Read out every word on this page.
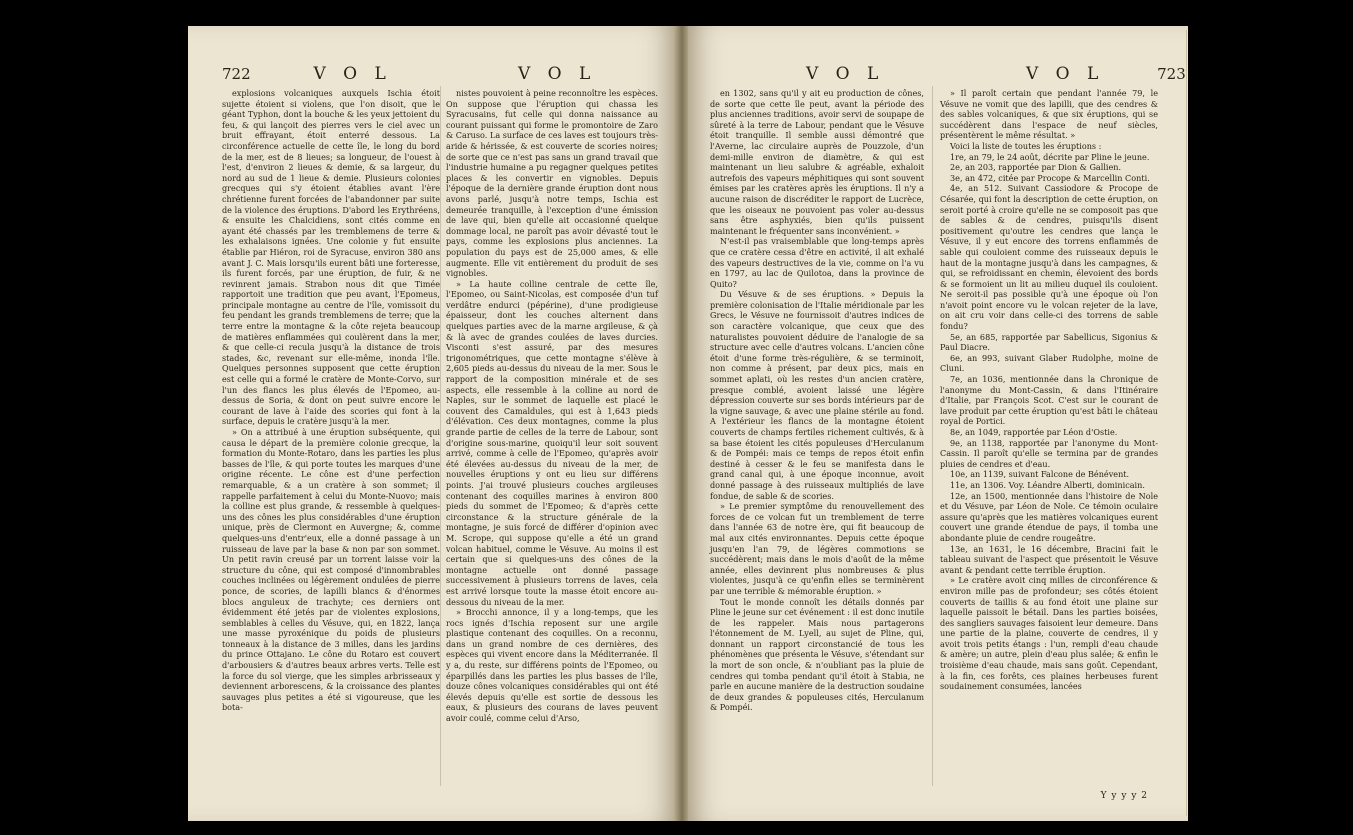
722	V O L	V O L

explosions volcaniques auxquels Ischia étoit sujette étoient si violens, que l'on disoit, que le géant Typhon, dont la bouche & les yeux jettoient du feu, & qui lançoit des pierres vers le ciel avec un bruit effrayant, étoit enterré dessous. La circonférence actuelle de cette île, le long du bord de la mer, est de 8 lieues; sa longueur, de l'ouest à l'est, d'environ 2 lieues & demie, & sa largeur, du nord au sud de 1 lieue & demie. Plusieurs colonies grecques qui s'y étoient établies avant l'ère chrétienne furent forcées de l'abandonner par suite de la violence des éruptions. D'abord les Erythréens, & ensuite les Chalcidiens, sont cités comme en ayant été chassés par les tremblemens de terre & les exhalaisons ignées. Une colonie y fut ensuite établie par Hiéron, roi de Syracuse, environ 380 ans avant J. C. Mais lorsqu'ils eurent bâti une forteresse, ils furent forcés, par une éruption, de fuir, & ne revinrent jamais. Strabon nous dit que Timée rapportoit une tradition que peu avant, l'Epomeus, principale montagne au centre de l'île, vomissoit du feu pendant les grands tremblemens de terre; que la terre entre la montagne & la côte rejeta beaucoup de matières enflammées qui coulèrent dans la mer, & que celle-ci recula jusqu'à la distance de trois stades, &c, revenant sur elle-même, inonda l'île. Quelques personnes supposent que cette éruption est celle qui a formé le cratère de Monte-Corvo, sur l'un des flancs les plus élevés de l'Epomeo, au-dessus de Soria, & dont on peut suivre encore le courant de lave à l'aide des scories qui font à la surface, depuis le cratère jusqu'à la mer.

» On a attribué à une éruption subséquente, qui causa le départ de la première colonie grecque, la formation du Monte-Rotaro, dans les parties les plus basses de l'île, & qui porte toutes les marques d'une origine récente. Le cône est d'une perfection remarquable, & a un cratère à son sommet; il rappelle parfaitement à celui du Monte-Nuovo; mais la colline est plus grande, & ressemble à quelques-uns des cônes les plus considérables d'une éruption unique, près de Clermont en Auvergne; &, comme quelques-uns d'entr'eux, elle a donné passage à un ruisseau de lave par la base & non par son sommet. Un petit ravin creusé par un torrent laisse voir la structure du cône, qui est composé d'innombrables couches inclinées ou légèrement ondulées de pierre ponce, de scories, de lapilli blancs & d'énormes blocs anguleux de trachyte; ces derniers ont évidemment été jetés par de violentes explosions, semblables à celles du Vésuve, qui, en 1822, lança une masse pyroxénique du poids de plusieurs tonneaux à la distance de 3 milles, dans les jardins du prince Ottajano. Le cône du Rotaro est couvert d'arbousiers & d'autres beaux arbres verts. Telle est la force du sol vierge, que les simples arbrisseaux y deviennent arborescens, & la croissance des plantes sauvages plus petites a été si vigoureuse, que les bota-

nistes pouvoient à peine reconnoître les espèces. On suppose que l'éruption qui chassa les Syracusains, fut celle qui donna naissance au courant puissant qui forme le promontoire de Zaro & Caruso. La surface de ces laves est toujours très-aride & hérissée, & est couverte de scories noires; de sorte que ce n'est pas sans un grand travail que l'industrie humaine a pu regagner quelques petites places & les convertir en vignobles. Depuis l'époque de la dernière grande éruption dont nous avons parlé, jusqu'à notre temps, Ischia est demeurée tranquille, à l'exception d'une émission de lave qui, bien qu'elle ait occasionné quelque dommage local, ne paroît pas avoir dévasté tout le pays, comme les explosions plus anciennes. La population du pays est de 25,000 ames, & elle augmente. Elle vit entièrement du produit de ses vignobles.

» La haute colline centrale de cette île, l'Epomeo, ou Saint-Nicolas, est composée d'un tuf verdâtre endurci (pépérine), d'une prodigieuse épaisseur, dont les couches alternent dans quelques parties avec de la marne argileuse, & çà & là avec de grandes coulées de laves durcies. Visconti s'est assuré, par des mesures trigonométriques, que cette montagne s'élève à 2,605 pieds au-dessus du niveau de la mer. Sous le rapport de la composition minérale et de ses aspects, elle ressemble à la colline au nord de Naples, sur le sommet de laquelle est placé le couvent des Camaldules, qui est à 1,643 pieds d'élévation. Ces deux montagnes, comme la plus grande partie de celles de la terre de Labour, sont d'origine sous-marine, quoiqu'il leur soit souvent arrivé, comme à celle de l'Epomeo, qu'après avoir été élevées au-dessus du niveau de la mer, de nouvelles éruptions y ont eu lieu sur différens points. J'ai trouvé plusieurs couches argileuses contenant des coquilles marines à environ 800 pieds du sommet de l'Epomeo; & d'après cette circonstance & la structure générale de la montagne, je suis forcé de différer d'opinion avec M. Scrope, qui suppose qu'elle a été un grand volcan habituel, comme le Vésuve. Au moins il est certain que si quelques-uns des cônes de la montagne actuelle ont donné passage successivement à plusieurs torrens de laves, cela est arrivé lorsque toute la masse étoit encore au-dessous du niveau de la mer.

» Brocchi annonce, il y a long-temps, que les rocs ignés d'Ischia reposent sur une argile plastique contenant des coquilles. On a reconnu, dans un grand nombre de ces dernières, des espèces qui vivent encore dans la Méditerranée. Il y a, du reste, sur différens points de l'Epomeo, ou éparpillés dans les parties les plus basses de l'île, douze cônes volcaniques considérables qui ont été élevés depuis qu'elle est sortie de dessous les eaux, & plusieurs des courans de laves peuvent avoir coulé, comme celui d'Arso,

V O L	V O L	723

en 1302, sans qu'il y ait eu production de cônes, de sorte que cette île peut, avant la période des plus anciennes traditions, avoir servi de soupape de sûreté à la terre de Labour, pendant que le Vésuve étoit tranquille. Il semble aussi démontré que l'Averne, lac circulaire auprès de Pouzzole, d'un demi-mille environ de diamètre, & qui est maintenant un lieu salubre & agréable, exhaloit autrefois des vapeurs méphitiques qui sont souvent émises par les cratères après les éruptions. Il n'y a aucune raison de discréditer le rapport de Lucrèce, que les oiseaux ne pouvoient pas voler au-dessus sans être asphyxiés, bien qu'ils puissent maintenant le fréquenter sans inconvénient. »

N'est-il pas vraisemblable que long-temps après que ce cratère cessa d'être en activité, il ait exhalé des vapeurs destructives de la vie, comme on l'a vu en 1797, au lac de Quilotoa, dans la province de Quito?

Du Vésuve & de ses éruptions. » Depuis la première colonisation de l'Italie méridionale par les Grecs, le Vésuve ne fournissoit d'autres indices de son caractère volcanique, que ceux que des naturalistes pouvoient déduire de l'analogie de sa structure avec celle d'autres volcans. L'ancien cône étoit d'une forme très-régulière, & se terminoit, non comme à présent, par deux pics, mais en sommet aplati, où les restes d'un ancien cratère, presque comblé, avoient laissé une légère dépression couverte sur ses bords intérieurs par de la vigne sauvage, & avec une plaine stérile au fond. A l'extérieur les flancs de la montagne étoient couverts de champs fertiles richement cultivés, & à sa base étoient les cités populeuses d'Herculanum & de Pompéi: mais ce temps de repos étoit enfin destiné à cesser & le feu se manifesta dans le grand canal qui, à une époque inconnue, avoit donné passage à des ruisseaux multipliés de lave fondue, de sable & de scories.

» Le premier symptôme du renouvellement des forces de ce volcan fut un tremblement de terre dans l'année 63 de notre ère, qui fit beaucoup de mal aux cités environnantes. Depuis cette époque jusqu'en l'an 79, de légères commotions se succédèrent; mais dans le mois d'août de la même année, elles devinrent plus nombreuses & plus violentes, jusqu'à ce qu'enfin elles se terminèrent par une terrible & mémorable éruption. »

Tout le monde connoît les détails donnés par Pline le jeune sur cet événement : il est donc inutile de les rappeler. Mais nous partagerons l'étonnement de M. Lyell, au sujet de Pline, qui, donnant un rapport circonstancié de tous les phénomènes que présenta le Vésuve, s'étendant sur la mort de son oncle, & n'oubliant pas la pluie de cendres qui tomba pendant qu'il étoit à Stabia, ne parle en aucune manière de la destruction soudaine de deux grandes & populeuses cités, Herculanum & Pompéi.

» Il paroît certain que pendant l'année 79, le Vésuve ne vomit que des lapilli, que des cendres & des sables volcaniques, & que six éruptions, qui se succédèrent dans l'espace de neuf siècles, présentèrent le même résultat. »

Voici la liste de toutes les éruptions :

1re, an 79, le 24 août, décrite par Pline le jeune.

2e, an 203, rapportée par Dion & Gallien.

3e, an 472, citée par Procope & Marcellin Conti.

4e, an 512. Suivant Cassiodore & Procope de Césarée, qui font la description de cette éruption, on seroit porté à croire qu'elle ne se composoit pas que de sables & de cendres, puisqu'ils disent positivement qu'outre les cendres que lança le Vésuve, il y eut encore des torrens enflammés de sable qui couloient comme des ruisseaux depuis le haut de la montagne jusqu'à dans les campagnes, & qui, se refroidissant en chemin, élevoient des bords & se formoient un lit au milieu duquel ils couloient. Ne seroit-il pas possible qu'à une époque où l'on n'avoit point encore vu le volcan rejeter de la lave, on ait cru voir dans celle-ci des torrens de sable fondu?

5e, an 685, rapportée par Sabellicus, Sigonius & Paul Diacre.

6e, an 993, suivant Glaber Rudolphe, moine de Cluni.

7e, an 1036, mentionnée dans la Chronique de l'anonyme du Mont-Cassin, & dans l'Itinéraire d'Italie, par François Scot. C'est sur le courant de lave produit par cette éruption qu'est bâti le château royal de Portici.

8e, an 1049, rapportée par Léon d'Ostie.

9e, an 1138, rapportée par l'anonyme du Mont-Cassin. Il paroît qu'elle se termina par de grandes pluies de cendres et d'eau.

10e, an 1139, suivant Falcone de Bénévent.

11e, an 1306. Voy. Léandre Alberti, dominicain.

12e, an 1500, mentionnée dans l'histoire de Nole et du Vésuve, par Léon de Nole. Ce témoin oculaire assure qu'après que les matières volcaniques eurent couvert une grande étendue de pays, il tomba une abondante pluie de cendre rougeâtre.

13e, an 1631, le 16 décembre, Bracini fait le tableau suivant de l'aspect que présentoit le Vésuve avant & pendant cette terrible éruption.

» Le cratère avoit cinq milles de circonférence & environ mille pas de profondeur; ses côtés étoient couverts de taillis & au fond étoit une plaine sur laquelle paissoit le bétail. Dans les parties boisées, des sangliers sauvages faisoient leur demeure. Dans une partie de la plaine, couverte de cendres, il y avoit trois petits étangs : l'un, rempli d'eau chaude & amère; un autre, plein d'eau plus salée; & enfin le troisième d'eau chaude, mais sans goût. Cependant, à la fin, ces forêts, ces plaines herbeuses furent soudainement consumées, lancées

Y y y y 2
